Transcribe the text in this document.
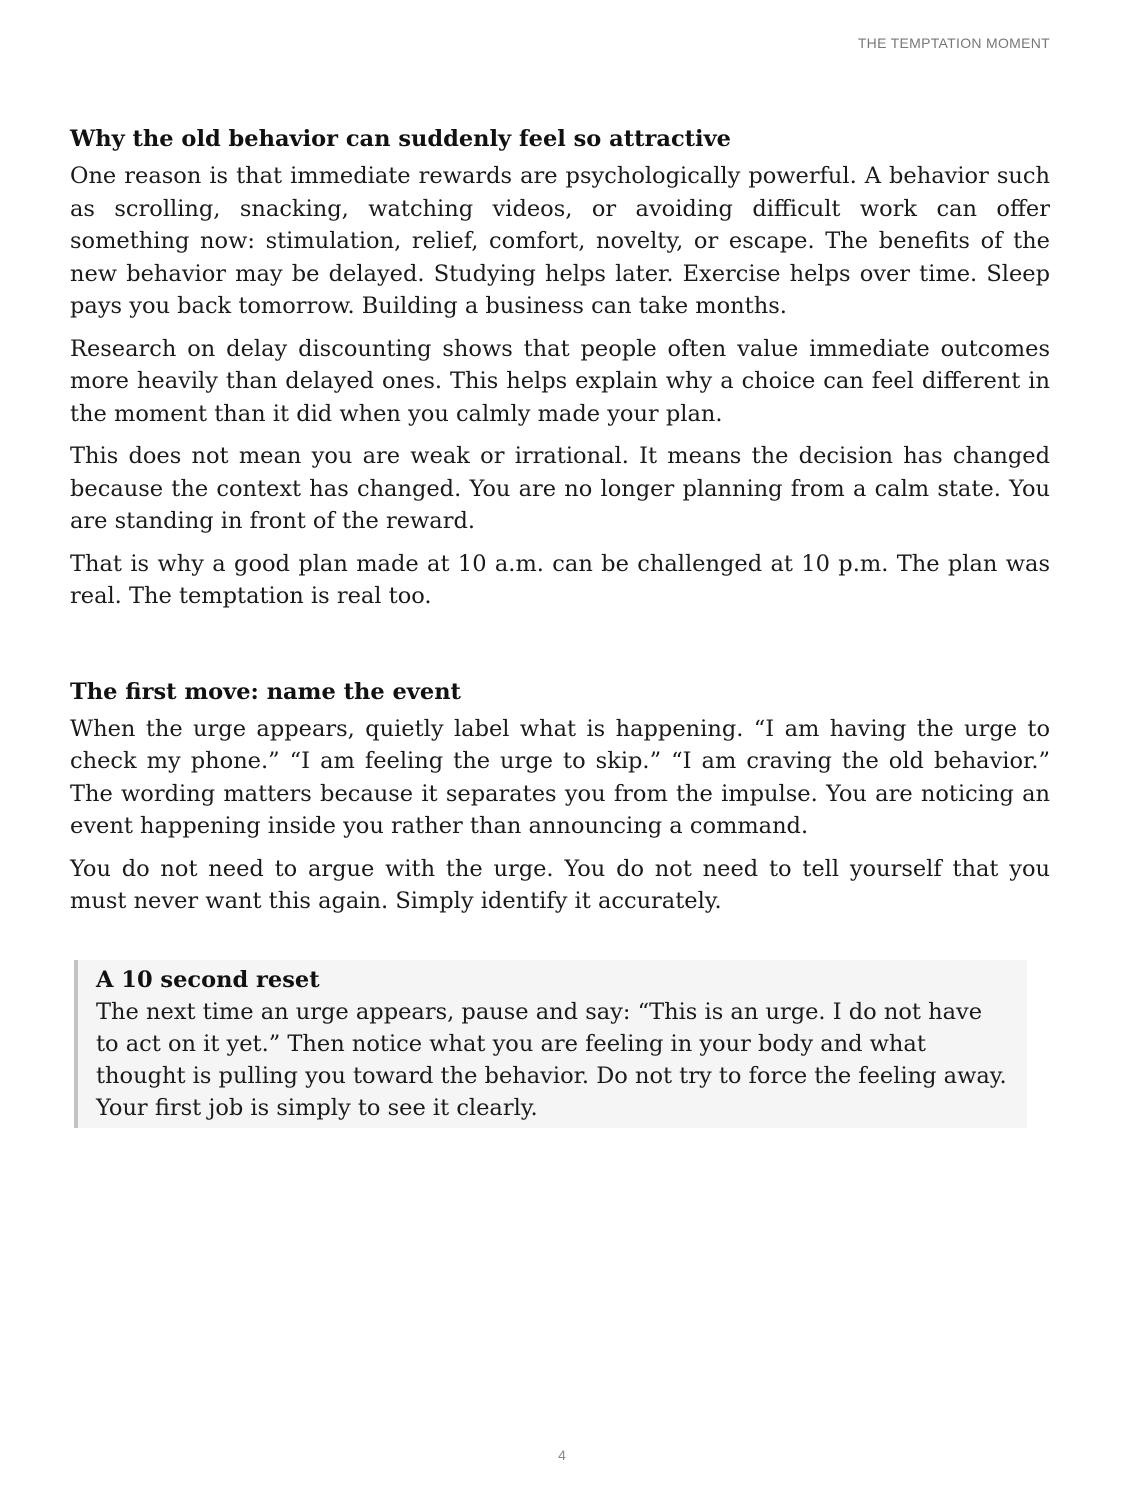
THE TEMPTATION MOMENT
Why the old behavior can suddenly feel so attractive

One reason is that immediate rewards are psychologically powerful. A behavior such as scrolling, snacking, watching videos, or avoiding difficult work can offer something now: stimulation, relief, comfort, novelty, or escape. The benefits of the new behavior may be delayed. Studying helps later. Exercise helps over time. Sleep pays you back tomorrow. Building a business can take months.

Research on delay discounting shows that people often value immediate outcomes more heavily than delayed ones. This helps explain why a choice can feel different in the moment than it did when you calmly made your plan.

This does not mean you are weak or irrational. It means the decision has changed because the context has changed. You are no longer planning from a calm state. You are standing in front of the reward.

That is why a good plan made at 10 a.m. can be challenged at 10 p.m. The plan was real. The temptation is real too.

The first move: name the event

When the urge appears, quietly label what is happening. “I am having the urge to check my phone.” “I am feeling the urge to skip.” “I am craving the old behavior.” The wording matters because it separates you from the impulse. You are noticing an event happening inside you rather than announcing a command.

You do not need to argue with the urge. You do not need to tell yourself that you must never want this again. Simply identify it accurately.

A 10 second reset
The next time an urge appears, pause and say: “This is an urge. I do not have to act on it yet.” Then notice what you are feeling in your body and what thought is pulling you toward the behavior. Do not try to force the feeling away. Your first job is simply to see it clearly.
4
